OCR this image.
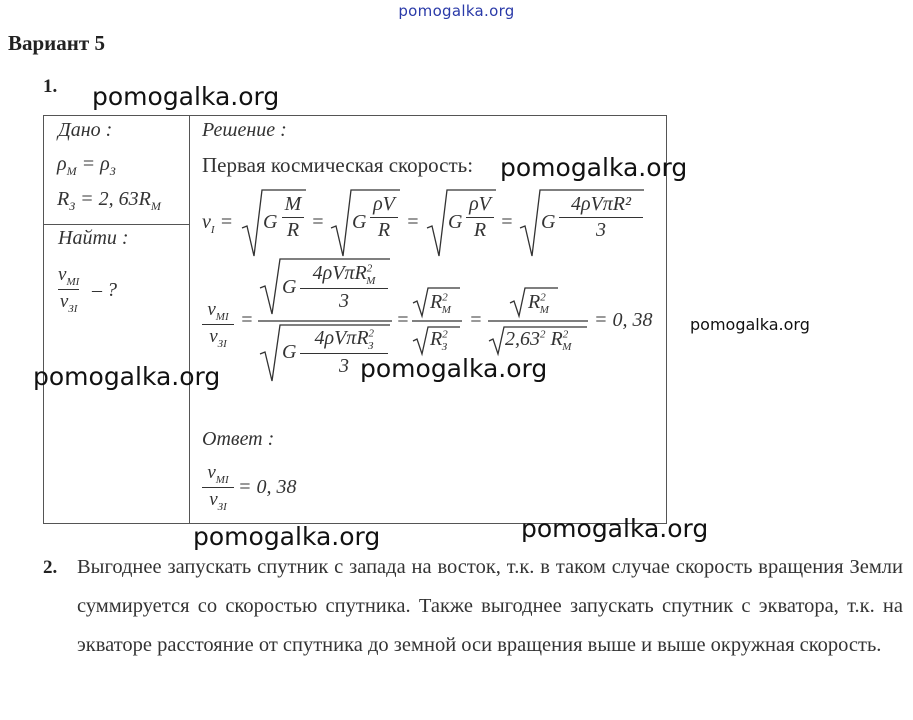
pomogalka.org
Вариант 5
1.
Дано :
$\rho_М = \rho_З$
$R_З = 2$, $63R_М$
Найти :
$v_{MI}$
$v_{ЗI}$
– ?
Решение :
Первая космическая скорость:
$v_I = G$
M
R = G
ρV
R = G
ρV
R = G
4ρVπR²
3
$v_{MI}$
$v_{ЗI}$
=
G
4ρVπR$^2_М$
3
G
4ρVπR$^2_З$
3
=
$R^2_М$
$R^2_З$
=
$R^2_М$
2,63$^2$ $R^2_М$
= 0, 38
Ответ :
$v_{MI}$
$v_{ЗI}$
= 0, 38
2. Выгоднее запускать спутник с запада на восток, т.к. в таком случае скорость вращения Земли суммируется со скоростью спутника. Также выгоднее запускать спутник с экватора, т.к. на экваторе расстояние от спутника до земной оси вращения выше и выше окружная скорость.
pomogalka.org
pomogalka.org
pomogalka.org
pomogalka.org	pomogalka.org
pomogalka.org	pomogalka.org
